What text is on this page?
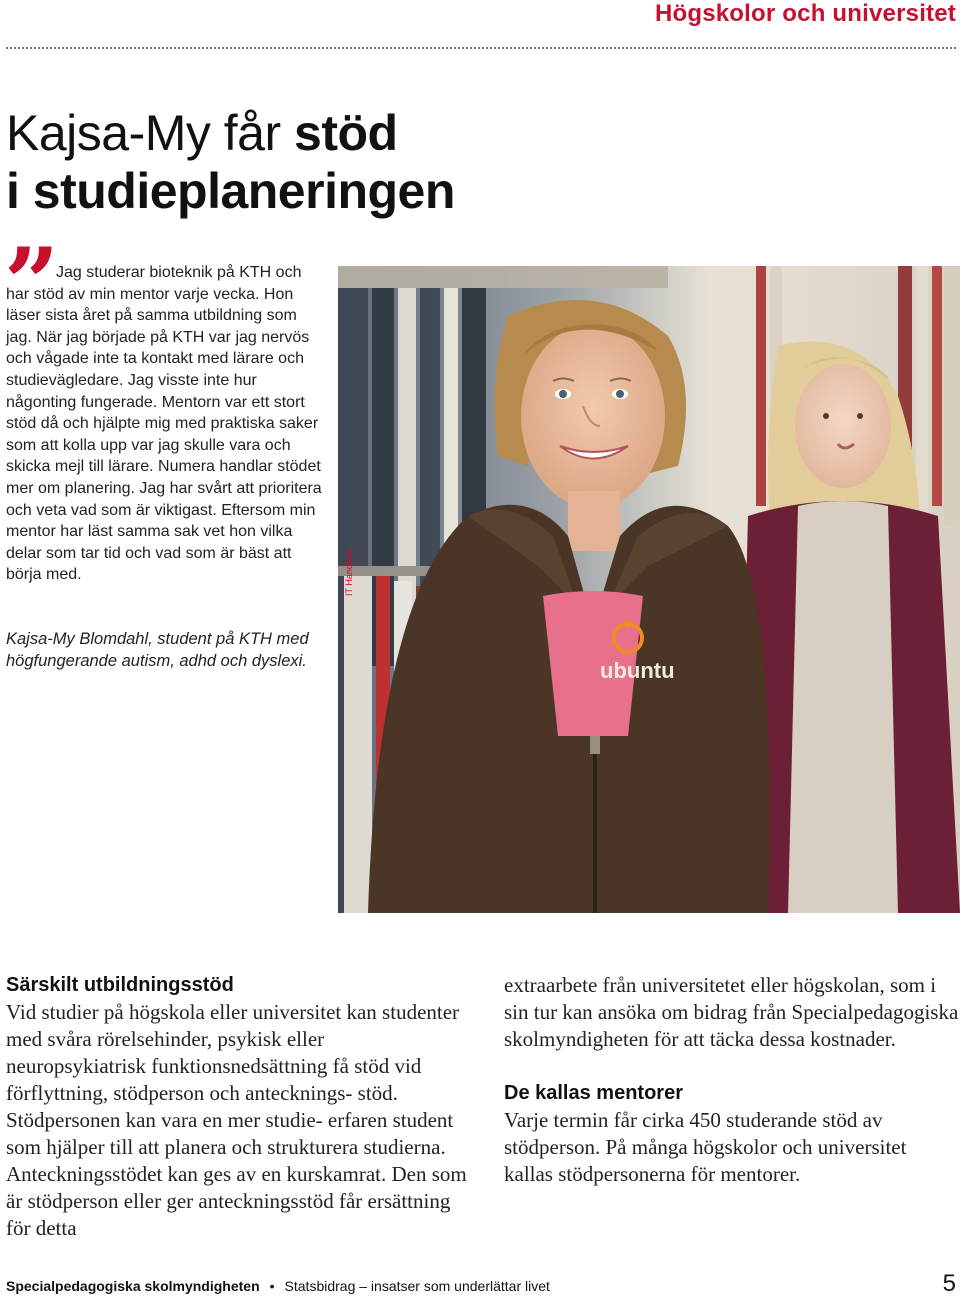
Högskolor och universitet
Kajsa-My får stöd
i studieplaneringen
” Jag studerar bioteknik på KTH och har stöd av min mentor varje vecka. Hon läser sista året på samma utbildning som jag. När jag började på KTH var jag nervös och vågade inte ta kontakt med lärare och studievägledare. Jag visste inte hur någonting fungerade. Mentorn var ett stort stöd då och hjälpte mig med praktiska saker som att kolla upp var jag skulle vara och skicka mejl till lärare. Numera handlar stödet mer om planering. Jag har svårt att prioritera och veta vad som är viktigast. Eftersom min mentor har läst samma sak vet hon vilka delar som tar tid och vad som är bäst att börja med.

Kajsa-My Blomdahl, student på KTH med högfungerande autism, adhd och dyslexi.

IT Handbok
ubuntu
Särskilt utbildningsstöd

Vid studier på högskola eller universitet kan studenter med svåra rörelsehinder, psykisk eller neuropsykiatrisk funktionsnedsättning få stöd vid förflyttning, stödperson och antecknings- stöd. Stödpersonen kan vara en mer studie- erfaren student som hjälper till att planera och strukturera studierna. Anteckningsstödet kan ges av en kurskamrat. Den som är stödperson eller ger anteckningsstöd får ersättning för detta

extraarbete från universitetet eller högskolan, som i sin tur kan ansöka om bidrag från Specialpedagogiska skolmyndigheten för att täcka dessa kostnader.

De kallas mentorer

Varje termin får cirka 450 studerande stöd av stödperson. På många högskolor och universitet kallas stödpersonerna för mentorer.

Specialpedagogiska skolmyndigheten • Statsbidrag – insatser som underlättar livet	5
